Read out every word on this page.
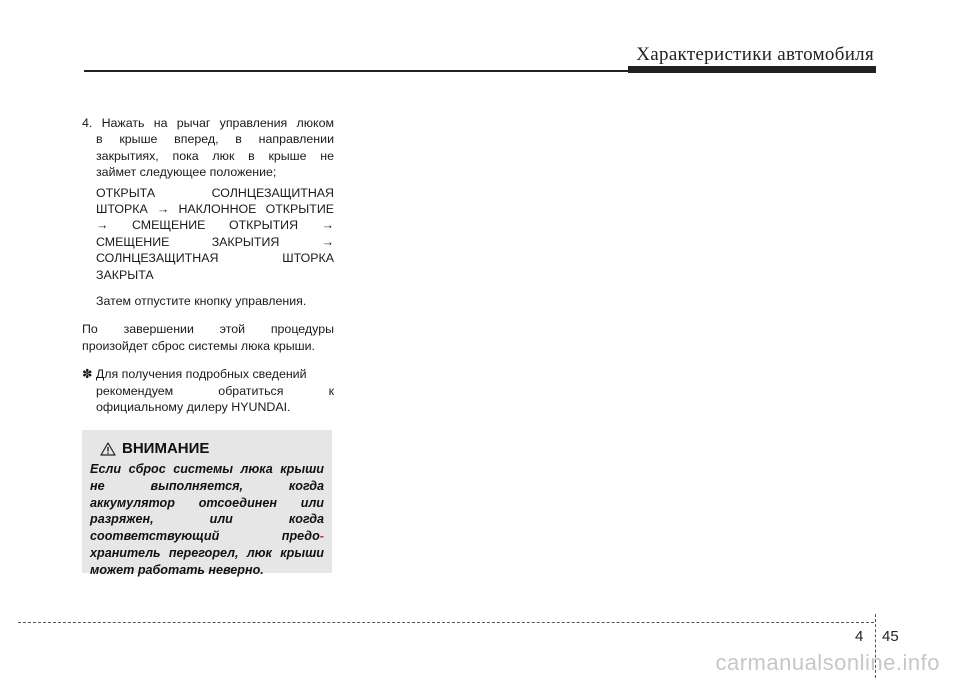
Характеристики автомобиля
4. Нажать на рычаг управления люком
в крыше вперед, в направлении
закрытиях, пока люк в крыше не
займет следующее положение;
ОТКРЫТА СОЛНЦЕЗАЩИТНАЯ
ШТОРКА → НАКЛОННОЕ ОТКРЫТИЕ
→ СМЕЩЕНИЕ ОТКРЫТИЯ →
СМЕЩЕНИЕ ЗАКРЫТИЯ →
СОЛНЦЕЗАЩИТНАЯ ШТОРКА
ЗАКРЫТА
Затем отпустите кнопку управления.
По завершении этой процедуры
произойдет сброс системы люка крыши.
✽ Для получения подробных сведений
рекомендуем обратиться к
официальному дилеру HYUNDAI.
ВНИМАНИЕ
Если сброс системы люка крыши
не выполняется, когда
аккумулятор отсоединен или
разряжен, или когда
соответствующий предо-
хранитель перегорел, люк крыши
может работать неверно.
4 45
carmanualsonline.info
